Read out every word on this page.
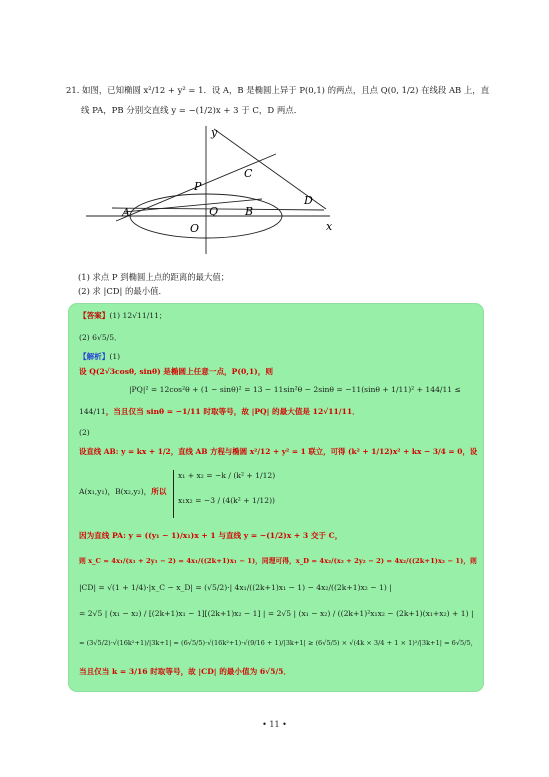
21. 如图，已知椭圆 x²/12 + y² = 1．设 A，B 是椭圆上异于 P(0,1) 的两点，且点 Q(0, 1/2) 在线段 AB 上，直
线 PA，PB 分别交直线 y = −(1/2)x + 3 于 C，D 两点．
y
x
P
Q
O
A	B
C
D
(1) 求点 P 到椭圆上点的距离的最大值；
(2) 求 |CD| 的最小值．
【答案】(1) 12√11/11；
(2) 6√5/5．
【解析】(1)
设 Q(2√3cosθ, sinθ) 是椭圆上任意一点，P(0,1)，则
|PQ|² = 12cos²θ + (1 − sinθ)² = 13 − 11sin²θ − 2sinθ = −11(sinθ + 1/11)² + 144/11 ≤
144/11，当且仅当 sinθ = −1/11 时取等号，故 |PQ| 的最大值是 12√11/11．
(2)
设直线 AB: y = kx + 1/2，直线 AB 方程与椭圆 x²/12 + y² = 1 联立，可得 (k² + 1/12)x² + kx − 3/4 = 0，设
A(x₁,y₁)，B(x₂,y₂)，所以
x₁ + x₂ = −k / (k² + 1/12)
x₁x₂ = −3 / (4(k² + 1/12))
因为直线 PA: y = ((y₁ − 1)/x₁)x + 1 与直线 y = −(1/2)x + 3 交于 C，
则 x_C = 4x₁/(x₁ + 2y₁ − 2) = 4x₁/((2k+1)x₁ − 1)，同理可得，x_D = 4x₂/(x₂ + 2y₂ − 2) = 4x₂/((2k+1)x₂ − 1)，则
|CD| = √(1 + 1/4)·|x_C − x_D| = (√5/2)·| 4x₁/((2k+1)x₁ − 1) − 4x₂/((2k+1)x₂ − 1) |
= 2√5 | (x₁ − x₂) / [(2k+1)x₁ − 1][(2k+1)x₂ − 1] | = 2√5 | (x₁ − x₂) / ((2k+1)²x₁x₂ − (2k+1)(x₁+x₂) + 1) |
= (3√5/2)·√(16k²+1)/|3k+1| = (6√5/5)·√(16k²+1)·√(9/16 + 1)/|3k+1| ≥ (6√5/5) × √(4k × 3/4 + 1 × 1)²/|3k+1| = 6√5/5，
当且仅当 k = 3/16 时取等号，故 |CD| 的最小值为 6√5/5．
• 11 •
